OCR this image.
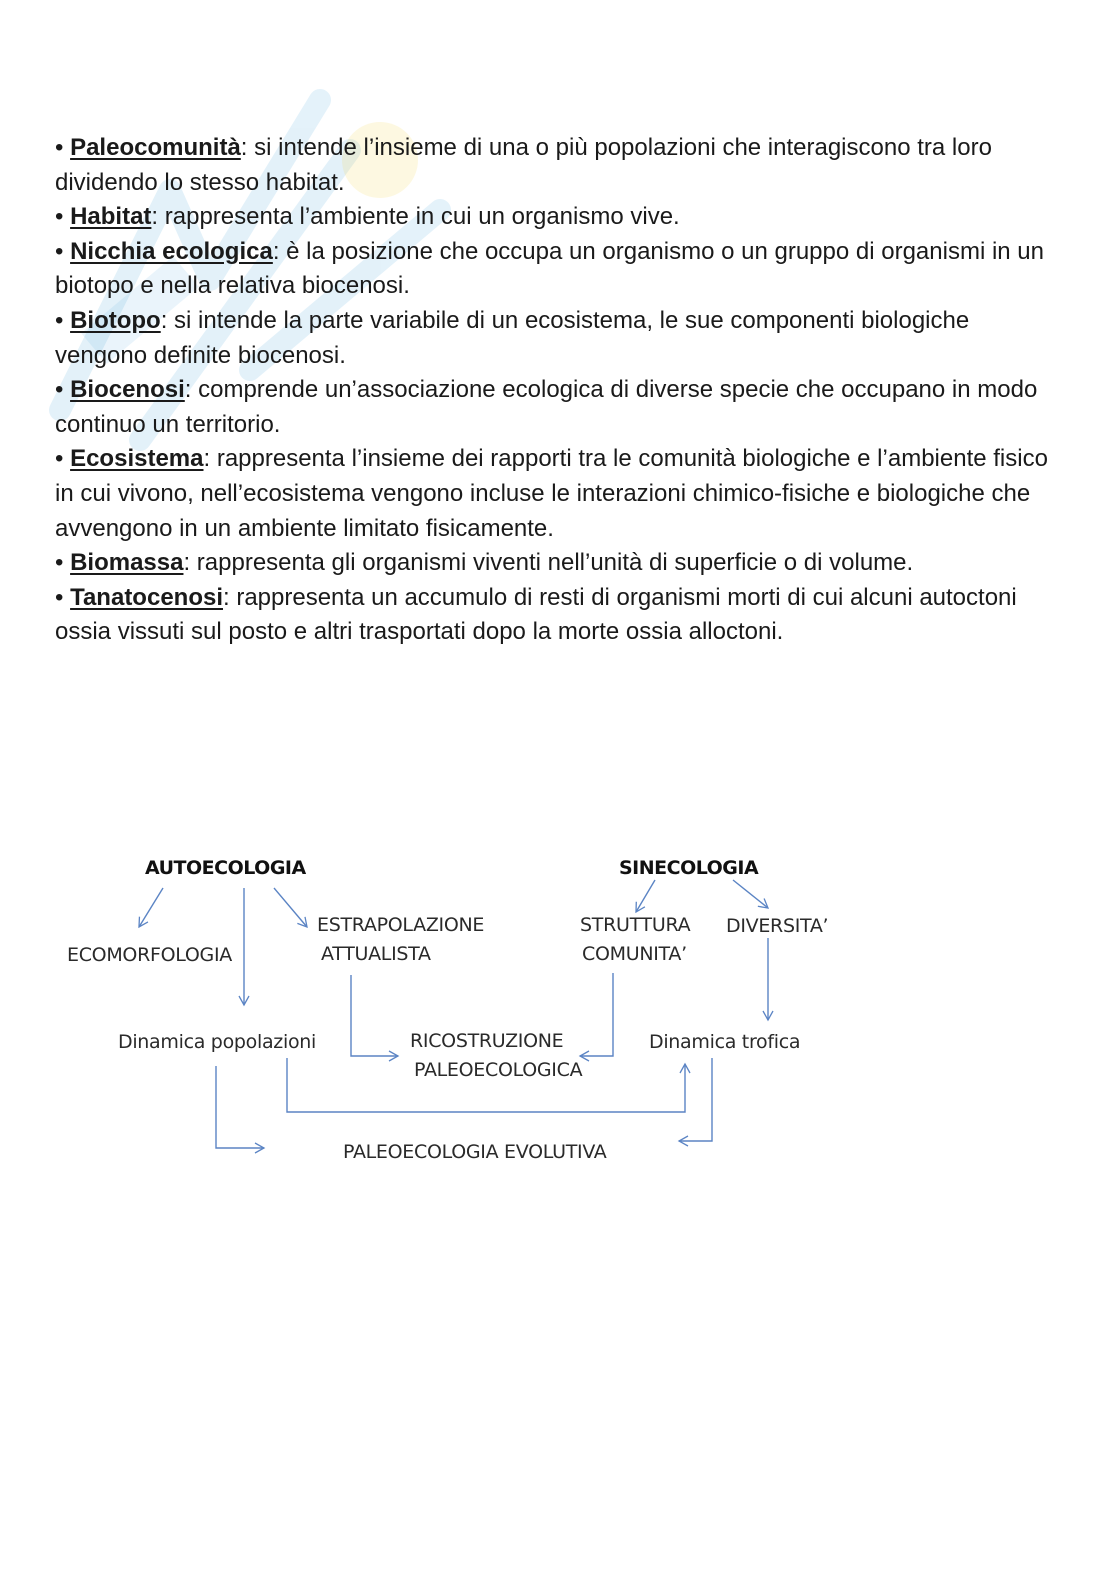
• Paleocomunità: si intende l’insieme di una o più popolazioni che interagiscono tra loro dividendo lo stesso habitat.

• Habitat: rappresenta l’ambiente in cui un organismo vive.

• Nicchia ecologica: è la posizione che occupa un organismo o un gruppo di organismi in un biotopo e nella relativa biocenosi.

• Biotopo: si intende la parte variabile di un ecosistema, le sue componenti biologiche vengono definite biocenosi.

• Biocenosi: comprende un’associazione ecologica di diverse specie che occupano in modo continuo un territorio.

• Ecosistema: rappresenta l’insieme dei rapporti tra le comunità biologiche e l’ambiente fisico in cui vivono, nell’ecosistema vengono incluse le interazioni chimico-fisiche e biologiche che avvengono in un ambiente limitato fisicamente.

• Biomassa: rappresenta gli organismi viventi nell’unità di superficie o di volume.

• Tanatocenosi: rappresenta un accumulo di resti di organismi morti di cui alcuni autoctoni ossia vissuti sul posto e altri trasportati dopo la morte ossia alloctoni.

AUTOECOLOGIA	SINECOLOGIA
ECOMORFOLOGIA
ESTRAPOLAZIONE
ATTUALISTA
STRUTTURA
COMUNITA’
DIVERSITA’
Dinamica popolazioni	RICOSTRUZIONE
PALEOECOLOGICA
Dinamica trofica
PALEOECOLOGIA EVOLUTIVA
